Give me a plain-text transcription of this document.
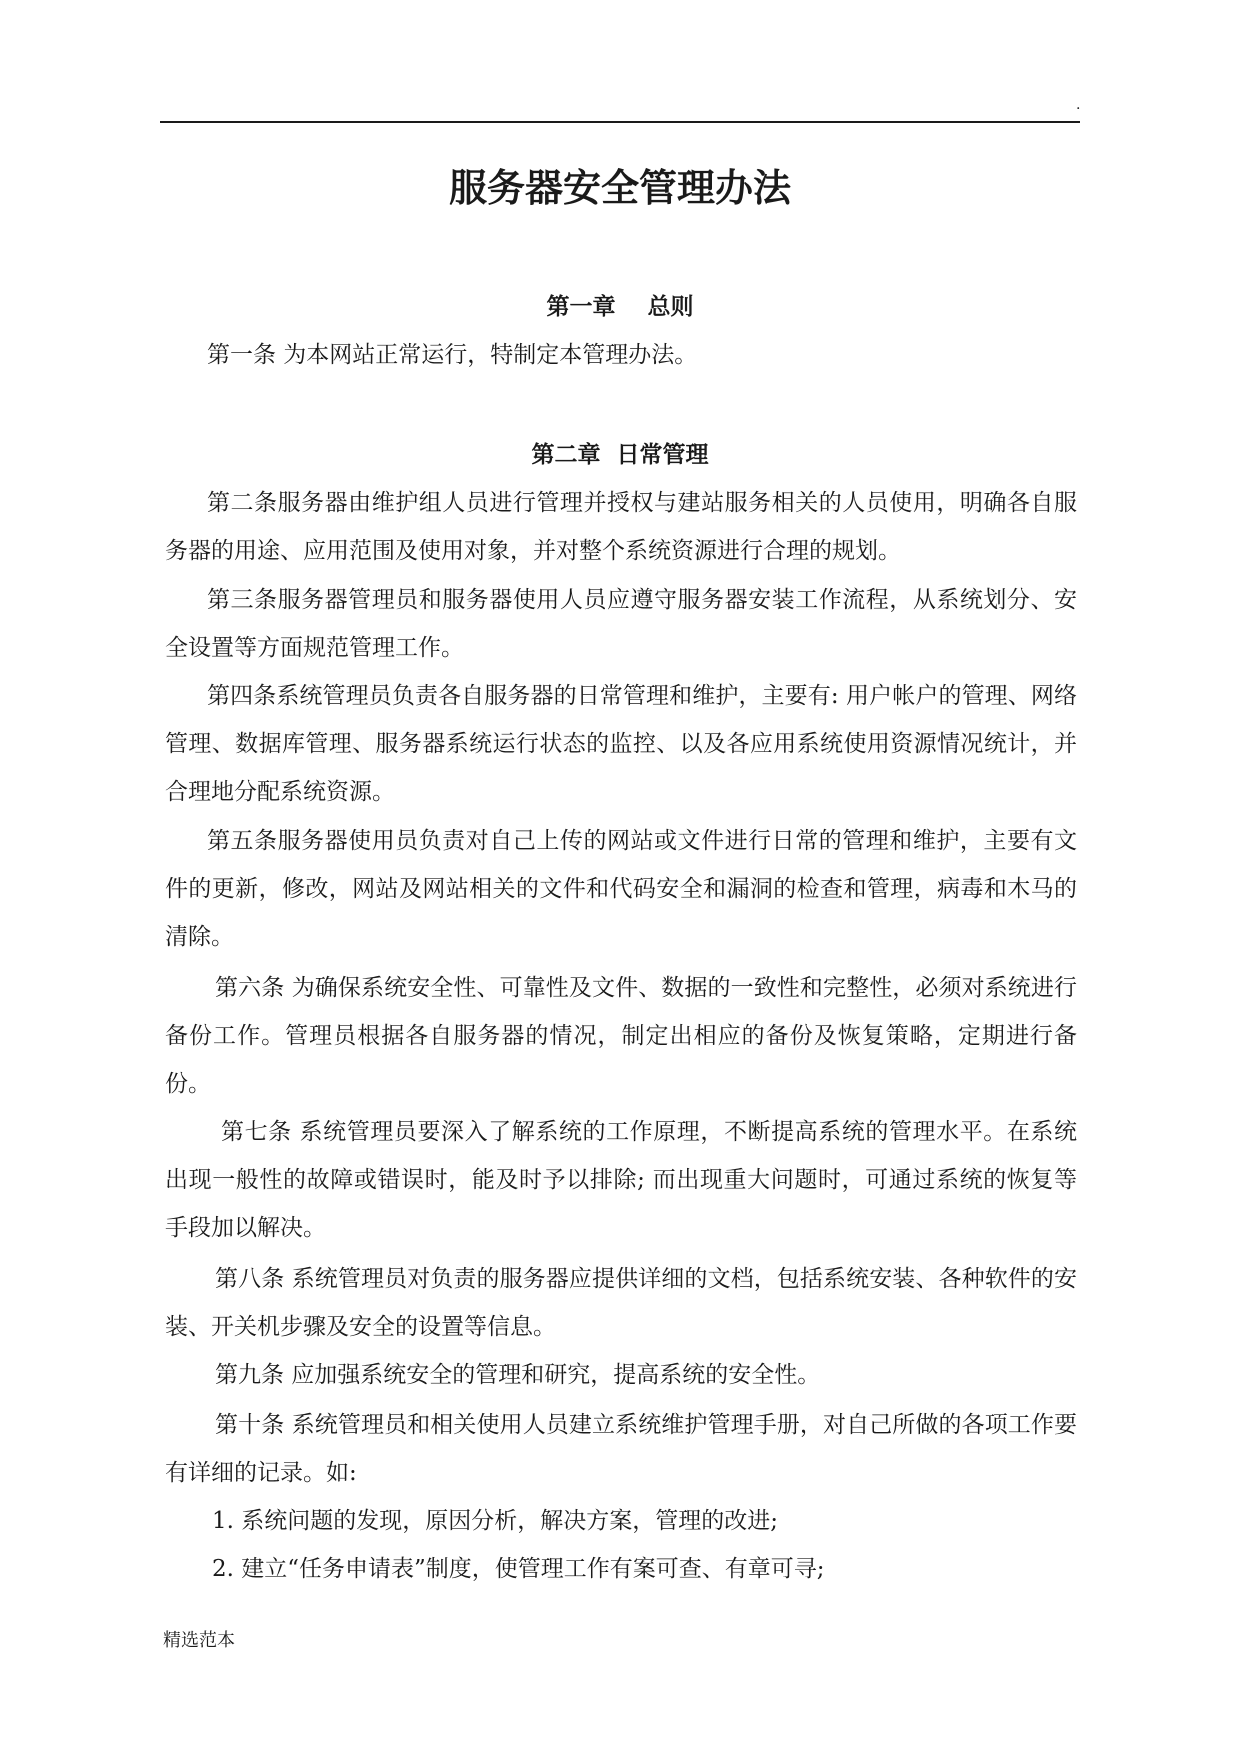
.
服务器安全管理办法
第一章    总则

第一条 为本网站正常运行，特制定本管理办法。

第二章  日常管理

第二条服务器由维护组人员进行管理并授权与建站服务相关的人员使用，明确各自服务器的用途、应用范围及使用对象，并对整个系统资源进行合理的规划。

第三条服务器管理员和服务器使用人员应遵守服务器安装工作流程，从系统划分、安全设置等方面规范管理工作。

第四条系统管理员负责各自服务器的日常管理和维护，主要有: 用户帐户的管理、网络管理、数据库管理、服务器系统运行状态的监控、以及各应用系统使用资源情况统计，并合理地分配系统资源。

第五条服务器使用员负责对自己上传的网站或文件进行日常的管理和维护，主要有文件的更新，修改，网站及网站相关的文件和代码安全和漏洞的检查和管理，病毒和木马的清除。

第六条 为确保系统安全性、可靠性及文件、数据的一致性和完整性，必须对系统进行备份工作。管理员根据各自服务器的情况，制定出相应的备份及恢复策略，定期进行备份。

第七条 系统管理员要深入了解系统的工作原理，不断提高系统的管理水平。在系统出现一般性的故障或错误时，能及时予以排除; 而出现重大问题时，可通过系统的恢复等手段加以解决。

第八条 系统管理员对负责的服务器应提供详细的文档，包括系统安装、各种软件的安装、开关机步骤及安全的设置等信息。

第九条 应加强系统安全的管理和研究，提高系统的安全性。

第十条 系统管理员和相关使用人员建立系统维护管理手册，对自己所做的各项工作要有详细的记录。如:

1. 系统问题的发现，原因分析，解决方案，管理的改进;

2. 建立“任务申请表”制度，使管理工作有案可查、有章可寻;

精选范本
